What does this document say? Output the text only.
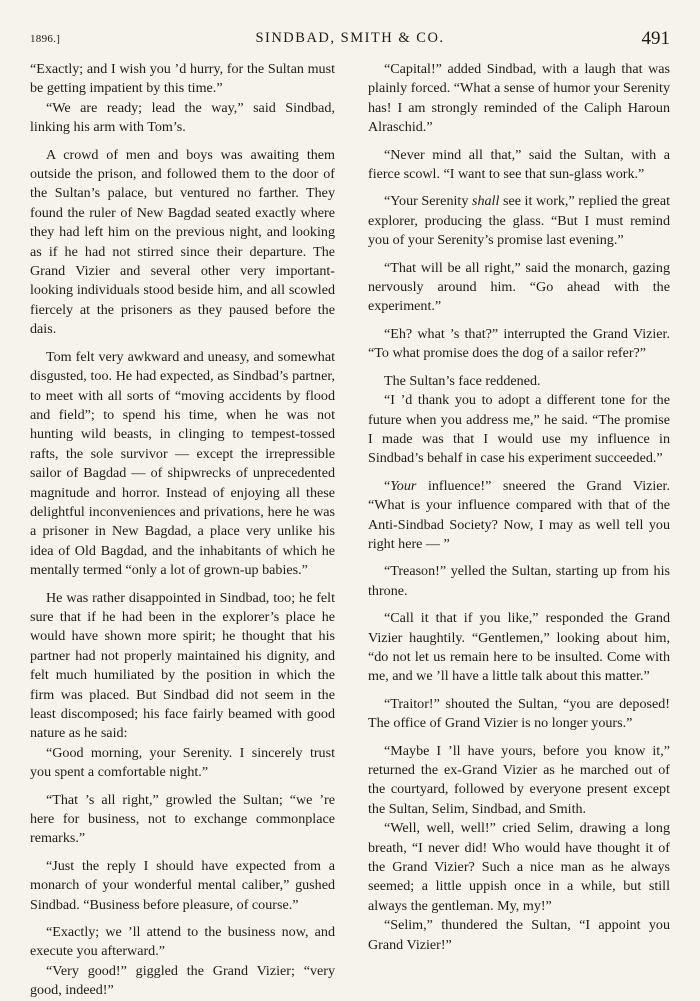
1896.]	SINDBAD, SMITH & CO.	491

“Exactly; and I wish you ’d hurry, for the Sultan must be getting impatient by this time.”

“We are ready; lead the way,” said Sindbad, linking his arm with Tom’s.

A crowd of men and boys was awaiting them outside the prison, and followed them to the door of the Sultan’s palace, but ventured no farther. They found the ruler of New Bagdad seated exactly where they had left him on the previous night, and looking as if he had not stirred since their departure. The Grand Vizier and several other very important-looking individuals stood beside him, and all scowled fiercely at the prisoners as they paused before the dais.

Tom felt very awkward and uneasy, and somewhat disgusted, too. He had expected, as Sindbad’s partner, to meet with all sorts of “moving accidents by flood and field”; to spend his time, when he was not hunting wild beasts, in clinging to tempest-tossed rafts, the sole survivor — except the irrepressible sailor of Bagdad — of shipwrecks of unprecedented magnitude and horror. Instead of enjoying all these delightful inconveniences and privations, here he was a prisoner in New Bagdad, a place very unlike his idea of Old Bagdad, and the inhabitants of which he mentally termed “only a lot of grown-up babies.”

He was rather disappointed in Sindbad, too; he felt sure that if he had been in the explorer’s place he would have shown more spirit; he thought that his partner had not properly maintained his dignity, and felt much humiliated by the position in which the firm was placed. But Sindbad did not seem in the least discomposed; his face fairly beamed with good nature as he said:

“Good morning, your Serenity. I sincerely trust you spent a comfortable night.”

“That ’s all right,” growled the Sultan; “we ’re here for business, not to exchange commonplace remarks.”

“Just the reply I should have expected from a monarch of your wonderful mental caliber,” gushed Sindbad. “Business before pleasure, of course.”

“Exactly; we ’ll attend to the business now, and execute you afterward.”

“Very good!” giggled the Grand Vizier; “very good, indeed!”

“Capital!” added Sindbad, with a laugh that was plainly forced. “What a sense of humor your Serenity has! I am strongly reminded of the Caliph Haroun Alraschid.”

“Never mind all that,” said the Sultan, with a fierce scowl. “I want to see that sun-glass work.”

“Your Serenity shall see it work,” replied the great explorer, producing the glass. “But I must remind you of your Serenity’s promise last evening.”

“That will be all right,” said the monarch, gazing nervously around him. “Go ahead with the experiment.”

“Eh? what ’s that?” interrupted the Grand Vizier. “To what promise does the dog of a sailor refer?”

The Sultan’s face reddened.

“I ’d thank you to adopt a different tone for the future when you address me,” he said. “The promise I made was that I would use my influence in Sindbad’s behalf in case his experiment succeeded.”

“Your influence!” sneered the Grand Vizier. “What is your influence compared with that of the Anti-Sindbad Society? Now, I may as well tell you right here — ”

“Treason!” yelled the Sultan, starting up from his throne.

“Call it that if you like,” responded the Grand Vizier haughtily. “Gentlemen,” looking about him, “do not let us remain here to be insulted. Come with me, and we ’ll have a little talk about this matter.”

“Traitor!” shouted the Sultan, “you are deposed! The office of Grand Vizier is no longer yours.”

“Maybe I ’ll have yours, before you know it,” returned the ex-Grand Vizier as he marched out of the courtyard, followed by everyone present except the Sultan, Selim, Sindbad, and Smith.

“Well, well, well!” cried Selim, drawing a long breath, “I never did! Who would have thought it of the Grand Vizier? Such a nice man as he always seemed; a little uppish once in a while, but still always the gentleman. My, my!”

“Selim,” thundered the Sultan, “I appoint you Grand Vizier!”
